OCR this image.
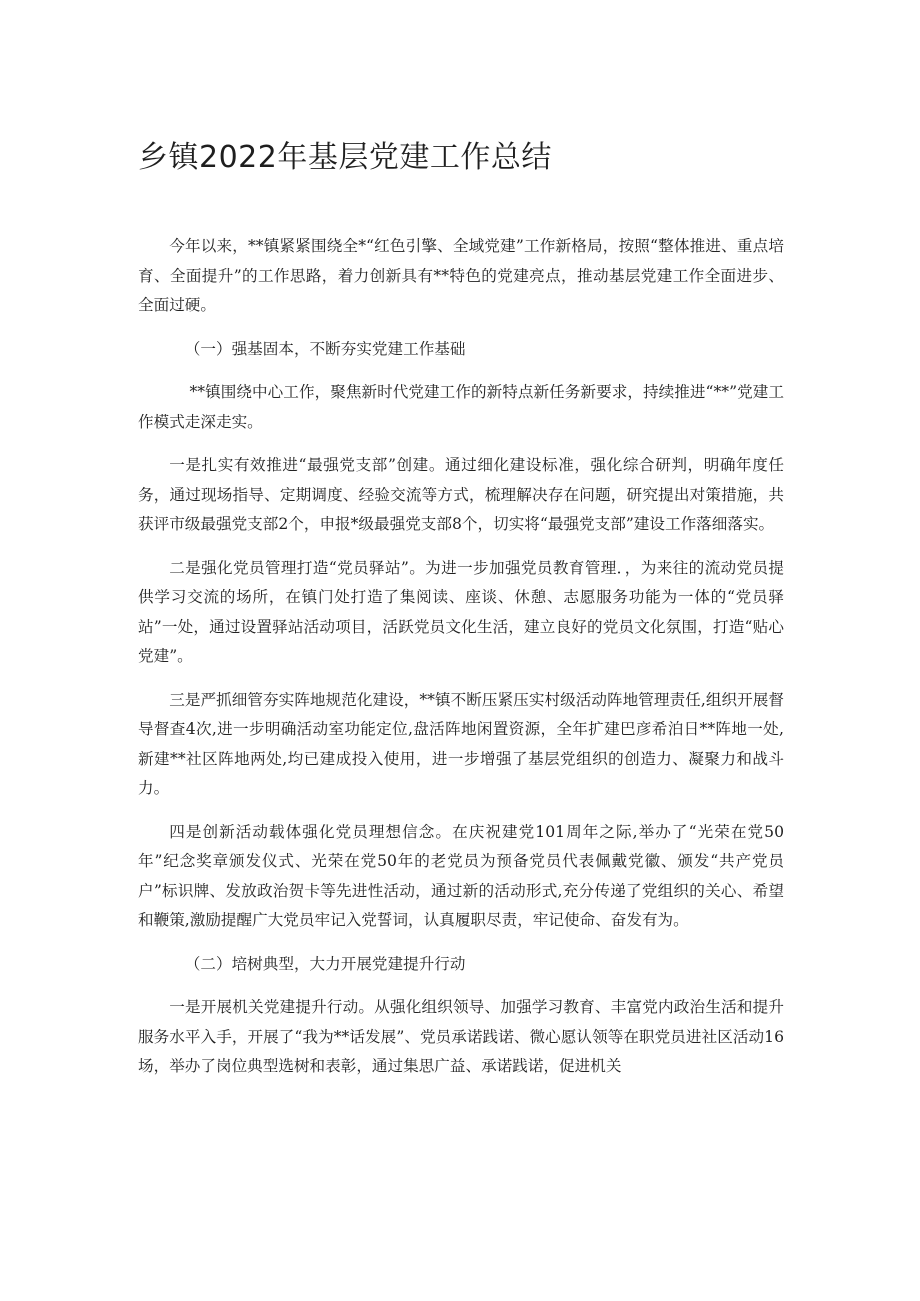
乡镇2022年基层党建工作总结

今年以来，**镇紧紧围绕全*“红色引擎、全域党建”工作新格局，按照“整体推进、重点培育、全面提升”的工作思路，着力创新具有**特色的党建亮点，推动基层党建工作全面进步、全面过硬。

（一）强基固本，不断夯实党建工作基础

**镇围绕中心工作，聚焦新时代党建工作的新特点新任务新要求，持续推进“**”党建工作模式走深走实。

一是扎实有效推进“最强党支部”创建。通过细化建设标准，强化综合研判，明确年度任务，通过现场指导、定期调度、经验交流等方式，梳理解决存在问题，研究提出对策措施，共获评市级最强党支部2个，申报*级最强党支部8个，切实将“最强党支部”建设工作落细落实。

二是强化党员管理打造“党员驿站”。为进一步加强党员教育管理．，为来往的流动党员提供学习交流的场所，在镇门处打造了集阅读、座谈、休憩、志愿服务功能为一体的“党员驿站”一处，通过设置驿站活动项目，活跃党员文化生活，建立良好的党员文化氛围，打造“贴心党建”。

三是严抓细管夯实阵地规范化建设，**镇不断压紧压实村级活动阵地管理责任,组织开展督导督查4次,进一步明确活动室功能定位,盘活阵地闲置资源，全年扩建巴彦希泊日**阵地一处,新建**社区阵地两处,均已建成投入使用，进一步增强了基层党组织的创造力、凝聚力和战斗力。

四是创新活动载体强化党员理想信念。在庆祝建党101周年之际,举办了“光荣在党50年”纪念奖章颁发仪式、光荣在党50年的老党员为预备党员代表佩戴党徽、颁发“共产党员户”标识牌、发放政治贺卡等先进性活动，通过新的活动形式,充分传递了党组织的关心、希望和鞭策,激励提醒广大党员牢记入党誓词，认真履职尽责，牢记使命、奋发有为。

（二）培树典型，大力开展党建提升行动

一是开展机关党建提升行动。从强化组织领导、加强学习教育、丰富党内政治生活和提升服务水平入手，开展了“我为**话发展”、党员承诺践诺、微心愿认领等在职党员进社区活动16场，举办了岗位典型选树和表彰，通过集思广益、承诺践诺，促进机关
